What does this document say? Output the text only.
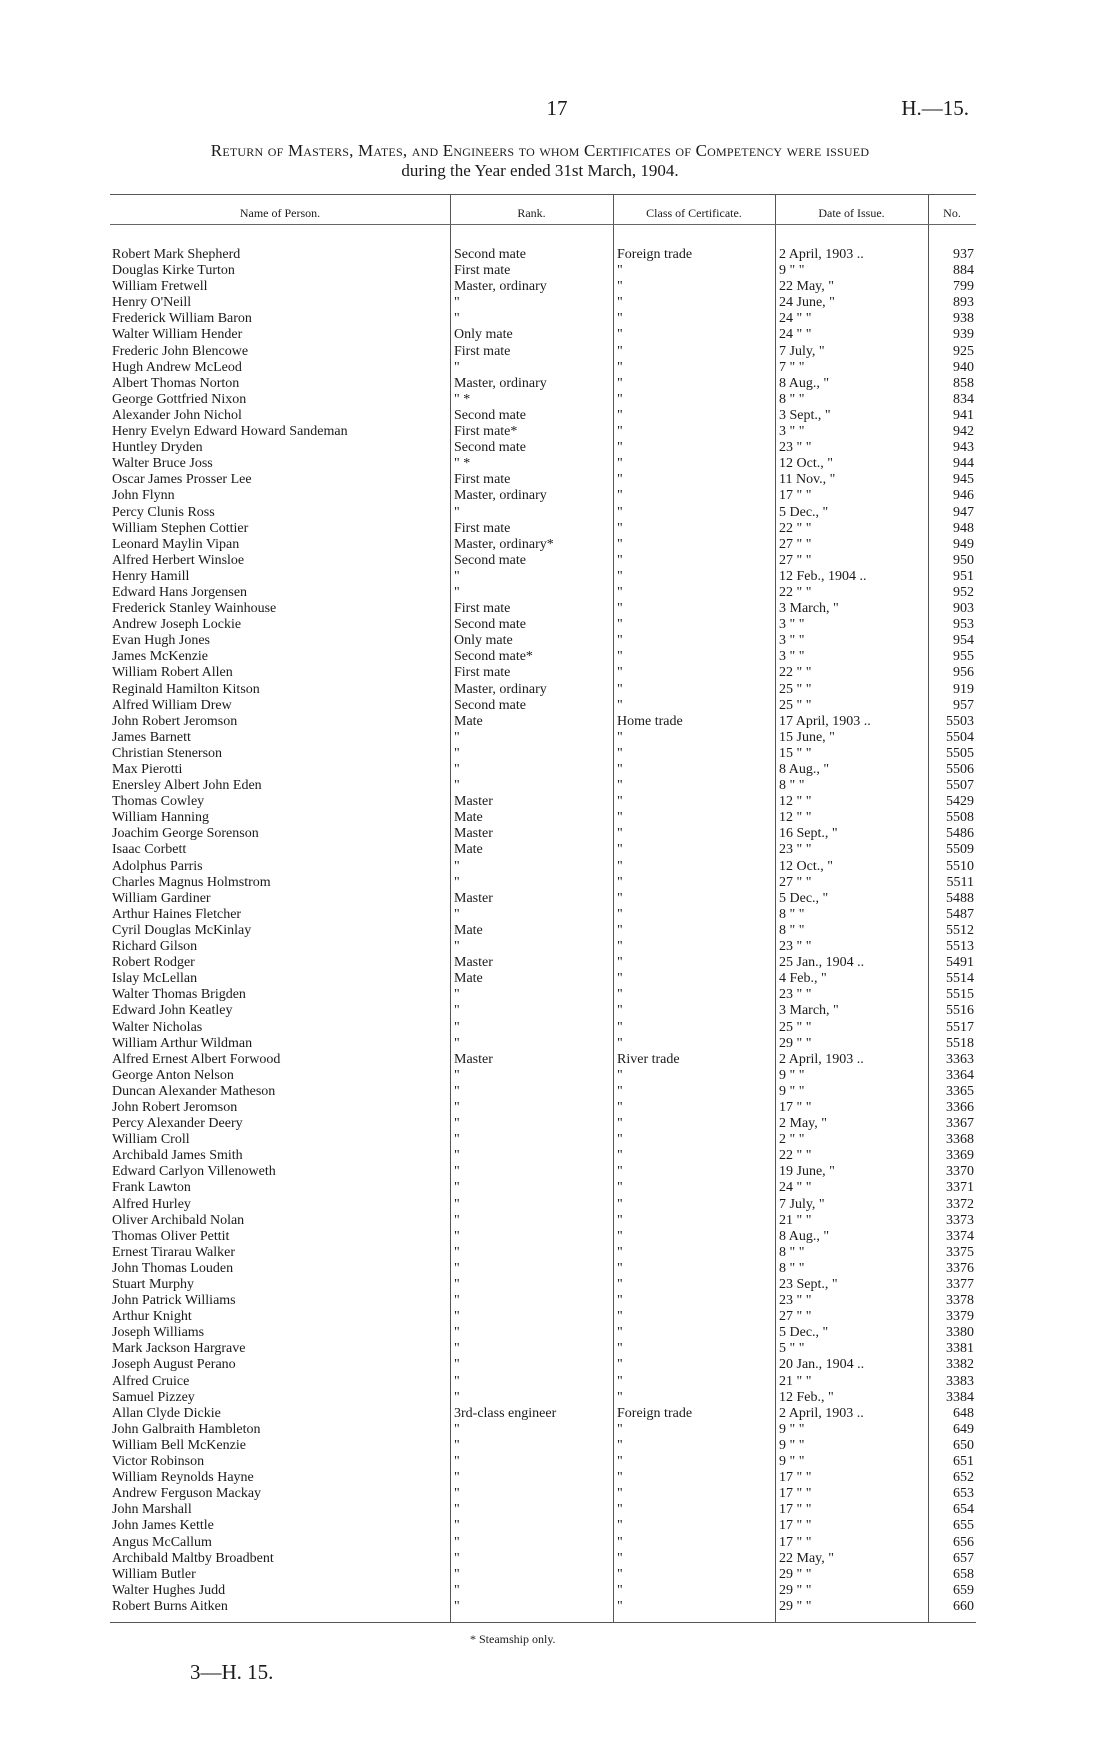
17	H.—15.
Return of Masters, Mates, and Engineers to whom Certificates of Competency were issued
during the Year ended 31st March, 1904.
Name of Person.	Rank.	Class of Certificate.	Date of Issue.	No.
Robert Mark Shepherd	Second mate	Foreign trade	2 April, 1903 ..	937
Douglas Kirke Turton	First mate	"	9 " "	884
William Fretwell	Master, ordinary	"	22 May, "	799
Henry O'Neill	"	"	24 June, "	893
Frederick William Baron	"	"	24 " "	938
Walter William Hender	Only mate	"	24 " "	939
Frederic John Blencowe	First mate	"	7 July, "	925
Hugh Andrew McLeod	"	"	7 " "	940
Albert Thomas Norton	Master, ordinary	"	8 Aug., "	858
George Gottfried Nixon	" *	"	8 " "	834
Alexander John Nichol	Second mate	"	3 Sept., "	941
Henry Evelyn Edward Howard Sandeman	First mate*	"	3 " "	942
Huntley Dryden	Second mate	"	23 " "	943
Walter Bruce Joss	" *	"	12 Oct., "	944
Oscar James Prosser Lee	First mate	"	11 Nov., "	945
John Flynn	Master, ordinary	"	17 " "	946
Percy Clunis Ross	"	"	5 Dec., "	947
William Stephen Cottier	First mate	"	22 " "	948
Leonard Maylin Vipan	Master, ordinary*	"	27 " "	949
Alfred Herbert Winsloe	Second mate	"	27 " "	950
Henry Hamill	"	"	12 Feb., 1904 ..	951
Edward Hans Jorgensen	"	"	22 " "	952
Frederick Stanley Wainhouse	First mate	"	3 March, "	903
Andrew Joseph Lockie	Second mate	"	3 " "	953
Evan Hugh Jones	Only mate	"	3 " "	954
James McKenzie	Second mate*	"	3 " "	955
William Robert Allen	First mate	"	22 " "	956
Reginald Hamilton Kitson	Master, ordinary	"	25 " "	919
Alfred William Drew	Second mate	"	25 " "	957
John Robert Jeromson	Mate	Home trade	17 April, 1903 ..	5503
James Barnett	"	"	15 June, "	5504
Christian Stenerson	"	"	15 " "	5505
Max Pierotti	"	"	8 Aug., "	5506
Enersley Albert John Eden	"	"	8 " "	5507
Thomas Cowley	Master	"	12 " "	5429
William Hanning	Mate	"	12 " "	5508
Joachim George Sorenson	Master	"	16 Sept., "	5486
Isaac Corbett	Mate	"	23 " "	5509
Adolphus Parris	"	"	12 Oct., "	5510
Charles Magnus Holmstrom	"	"	27 " "	5511
William Gardiner	Master	"	5 Dec., "	5488
Arthur Haines Fletcher	"	"	8 " "	5487
Cyril Douglas McKinlay	Mate	"	8 " "	5512
Richard Gilson	"	"	23 " "	5513
Robert Rodger	Master	"	25 Jan., 1904 ..	5491
Islay McLellan	Mate	"	4 Feb., "	5514
Walter Thomas Brigden	"	"	23 " "	5515
Edward John Keatley	"	"	3 March, "	5516
Walter Nicholas	"	"	25 " "	5517
William Arthur Wildman	"	"	29 " "	5518
Alfred Ernest Albert Forwood	Master	River trade	2 April, 1903 ..	3363
George Anton Nelson	"	"	9 " "	3364
Duncan Alexander Matheson	"	"	9 " "	3365
John Robert Jeromson	"	"	17 " "	3366
Percy Alexander Deery	"	"	2 May, "	3367
William Croll	"	"	2 " "	3368
Archibald James Smith	"	"	22 " "	3369
Edward Carlyon Villenoweth	"	"	19 June, "	3370
Frank Lawton	"	"	24 " "	3371
Alfred Hurley	"	"	7 July, "	3372
Oliver Archibald Nolan	"	"	21 " "	3373
Thomas Oliver Pettit	"	"	8 Aug., "	3374
Ernest Tirarau Walker	"	"	8 " "	3375
John Thomas Louden	"	"	8 " "	3376
Stuart Murphy	"	"	23 Sept., "	3377
John Patrick Williams	"	"	23 " "	3378
Arthur Knight	"	"	27 " "	3379
Joseph Williams	"	"	5 Dec., "	3380
Mark Jackson Hargrave	"	"	5 " "	3381
Joseph August Perano	"	"	20 Jan., 1904 ..	3382
Alfred Cruice	"	"	21 " "	3383
Samuel Pizzey	"	"	12 Feb., "	3384
Allan Clyde Dickie	3rd-class engineer	Foreign trade	2 April, 1903 ..	648
John Galbraith Hambleton	"	"	9 " "	649
William Bell McKenzie	"	"	9 " "	650
Victor Robinson	"	"	9 " "	651
William Reynolds Hayne	"	"	17 " "	652
Andrew Ferguson Mackay	"	"	17 " "	653
John Marshall	"	"	17 " "	654
John James Kettle	"	"	17 " "	655
Angus McCallum	"	"	17 " "	656
Archibald Maltby Broadbent	"	"	22 May, "	657
William Butler	"	"	29 " "	658
Walter Hughes Judd	"	"	29 " "	659
Robert Burns Aitken	"	"	29 " "	660
* Steamship only.
3—H. 15.
